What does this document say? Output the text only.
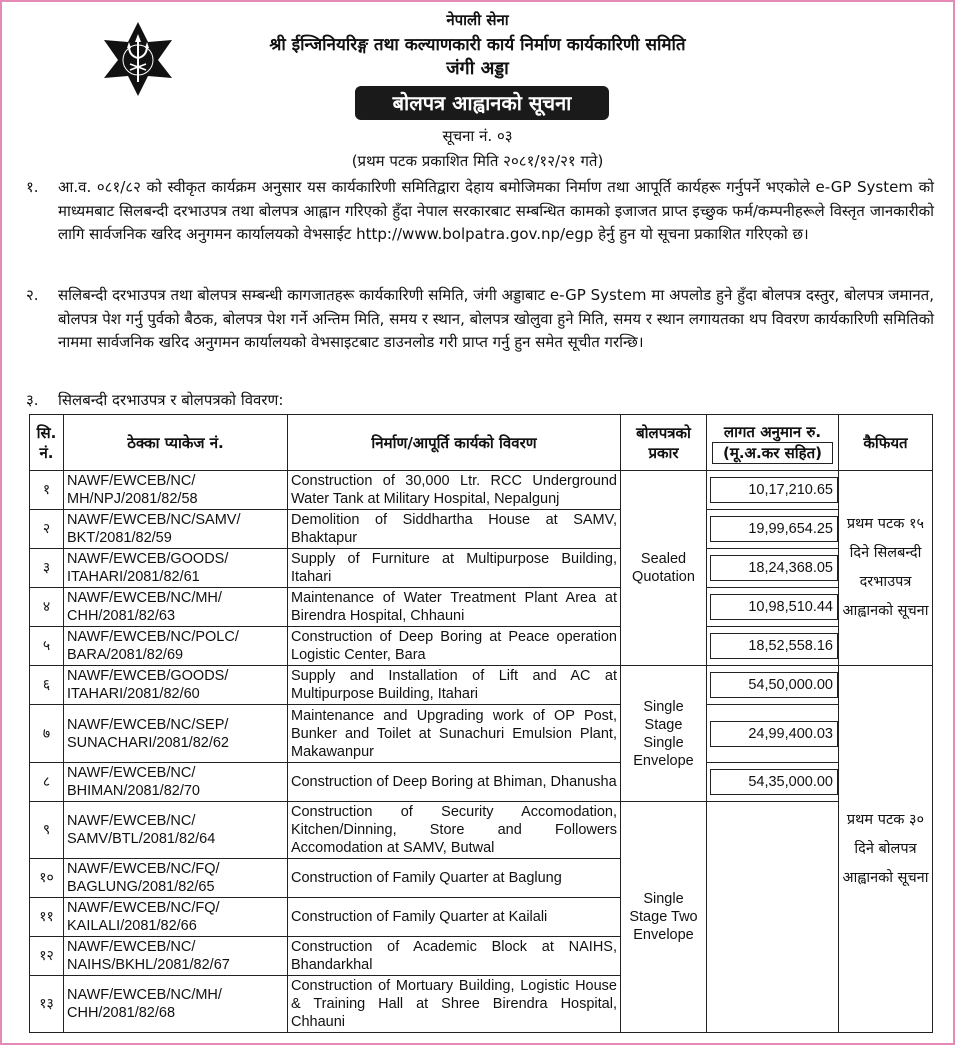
नेपाली सेना
श्री ईन्जिनियरिङ्ग तथा कल्याणकारी कार्य निर्माण कार्यकारिणी समिति
जंगी अड्डा
बोलपत्र आह्वानको सूचना
सूचना नं. ०३
(प्रथम पटक प्रकाशित मिति २०८१/१२/२१ गते)
१. आ.व. ०८१/८२ को स्वीकृत कार्यक्रम अनुसार यस कार्यकारिणी समितिद्वारा देहाय बमोजिमका निर्माण तथा आपूर्ति कार्यहरू गर्नुपर्ने भएकोले e-GP System को माध्यमबाट सिलबन्दी दरभाउपत्र तथा बोलपत्र आह्वान गरिएको हुँदा नेपाल सरकारबाट सम्बन्धित कामको इजाजत प्राप्त इच्छुक फर्म/कम्पनीहरूले विस्तृत जानकारीको लागि सार्वजनिक खरिद अनुगमन कार्यालयको वेभसाईट http://www.bolpatra.gov.np/egp हेर्नु हुन यो सूचना प्रकाशित गरिएको छ।
२. सलिबन्दी दरभाउपत्र तथा बोलपत्र सम्बन्धी कागजातहरू कार्यकारिणी समिति, जंगी अड्डाबाट e-GP System मा अपलोड हुने हुँदा बोलपत्र दस्तुर, बोलपत्र जमानत, बोलपत्र पेश गर्नु पुर्वको बैठक, बोलपत्र पेश गर्ने अन्तिम मिति, समय र स्थान, बोलपत्र खोलुवा हुने मिति, समय र स्थान लगायतका थप विवरण कार्यकारिणी समितिको नाममा सार्वजनिक खरिद अनुगमन कार्यालयको वेभसाइटबाट डाउनलोड गरी प्राप्त गर्नु हुन समेत सूचीत गरन्छि।
३. सिलबन्दी दरभाउपत्र र बोलपत्रको विवरण:
सि. नं.	ठेक्का प्याकेज नं.	निर्माण/आपूर्ति कार्यको विवरण	बोलपत्रको प्रकार	लागत अनुमान रु.
(मू.अ.कर सहित)	कैफियत
१	NAWF/EWCEB/NC/ MH/NPJ/2081/82/58	Construction of 30,000 Ltr. RCC Underground Water Tank at Military Hospital, Nepalgunj	Sealed Quotation	10,17,210.65	प्रथम पटक १५ दिने सिलबन्दी दरभाउपत्र आह्वानको सूचना
२	NAWF/EWCEB/NC/SAMV/ BKT/2081/82/59	Demolition of Siddhartha House at SAMV, Bhaktapur		19,99,654.25	
३	NAWF/EWCEB/GOODS/ ITAHARI/2081/82/61	Supply of Furniture at Multipurpose Building, Itahari		18,24,368.05	
४	NAWF/EWCEB/NC/MH/ CHH/2081/82/63	Maintenance of Water Treatment Plant Area at Birendra Hospital, Chhauni		10,98,510.44	
५	NAWF/EWCEB/NC/POLC/ BARA/2081/82/69	Construction of Deep Boring at Peace operation Logistic Center, Bara		18,52,558.16	
६	NAWF/EWCEB/GOODS/ ITAHARI/2081/82/60	Supply and Installation of Lift and AC at Multipurpose Building, Itahari	Single Stage Single Envelope	54,50,000.00	प्रथम पटक ३० दिने बोलपत्र आह्वानको सूचना
७	NAWF/EWCEB/NC/SEP/ SUNACHARI/2081/82/62	Maintenance and Upgrading work of OP Post, Bunker and Toilet at Sunachuri Emulsion Plant, Makawanpur		24,99,400.03	
८	NAWF/EWCEB/NC/ BHIMAN/2081/82/70	Construction of Deep Boring at Bhiman, Dhanusha		54,35,000.00	
९	NAWF/EWCEB/NC/ SAMV/BTL/2081/82/64	Construction of Security Accomodation, Kitchen/Dinning, Store and Followers Accomodation at SAMV, Butwal	Single Stage Two Envelope		
१०	NAWF/EWCEB/NC/FQ/ BAGLUNG/2081/82/65	Construction of Family Quarter at Baglung			
११	NAWF/EWCEB/NC/FQ/ KAILALI/2081/82/66	Construction of Family Quarter at Kailali			
१२	NAWF/EWCEB/NC/ NAIHS/BKHL/2081/82/67	Construction of Academic Block at NAIHS, Bhandarkhal			
१३	NAWF/EWCEB/NC/MH/ CHH/2081/82/68	Construction of Mortuary Building, Logistic House & Training Hall at Shree Birendra Hospital, Chhauni			
